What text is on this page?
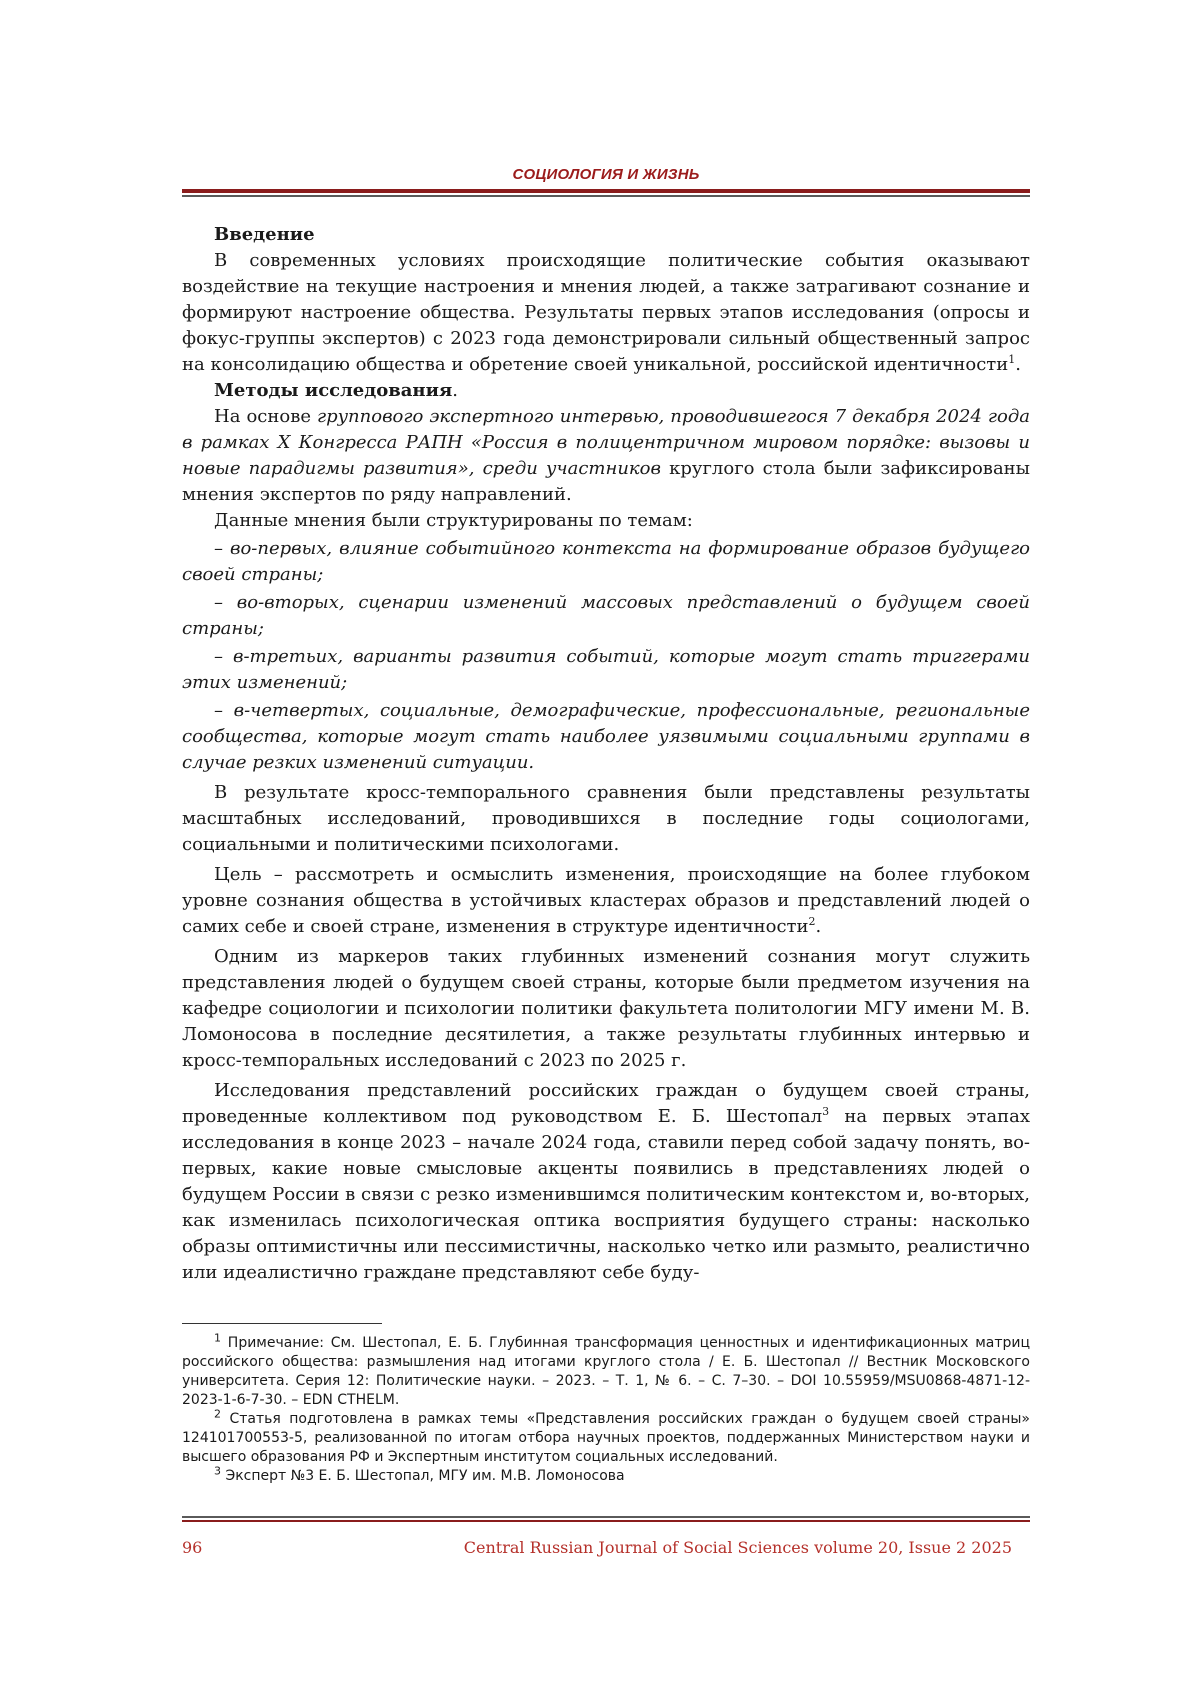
СОЦИОЛОГИЯ И ЖИЗНЬ

Введение

В современных условиях происходящие политические события оказывают воздействие на текущие настроения и мнения людей, а также затрагивают сознание и формируют настроение общества. Результаты первых этапов исследования (опросы и фокус-группы экспертов) с 2023 года демонстрировали сильный общественный запрос на консолидацию общества и обретение своей уникальной, российской идентичности$^1$.

Методы исследования.

На основе группового экспертного интервью, проводившегося 7 декабря 2024 года в рамках X Конгресса РАПН «Россия в полицентричном мировом порядке: вызовы и новые парадигмы развития», среди участников круглого стола были зафиксированы мнения экспертов по ряду направлений.

Данные мнения были структурированы по темам:

– во-первых, влияние событийного контекста на формирование образов будущего своей страны;

– во-вторых, сценарии изменений массовых представлений о будущем своей страны;

– в-третьих, варианты развития событий, которые могут стать триггерами этих изменений;

– в-четвертых, социальные, демографические, профессиональные, региональные сообщества, которые могут стать наиболее уязвимыми социальными группами в случае резких изменений ситуации.

В результате кросс-темпорального сравнения были представлены результаты масштабных исследований, проводившихся в последние годы социологами, социальными и политическими психологами.

Цель – рассмотреть и осмыслить изменения, происходящие на более глубоком уровне сознания общества в устойчивых кластерах образов и представлений людей о самих себе и своей стране, изменения в структуре идентичности$^2$.

Одним из маркеров таких глубинных изменений сознания могут служить представления людей о будущем своей страны, которые были предметом изучения на кафедре социологии и психологии политики факультета политологии МГУ имени М. В. Ломоносова в последние десятилетия, а также результаты глубинных интервью и кросс-темпоральных исследований с 2023 по 2025 г.

Исследования представлений российских граждан о будущем своей страны, проведенные коллективом под руководством Е. Б. Шестопал$^3$ на первых этапах исследования в конце 2023 – начале 2024 года, ставили перед собой задачу понять, во-первых, какие новые смысловые акценты появились в представлениях людей о будущем России в связи с резко изменившимся политическим контекстом и, во-вторых, как изменилась психологическая оптика восприятия будущего страны: насколько образы оптимистичны или пессимистичны, насколько четко или размыто, реалистично или идеалистично граждане представляют себе буду-

$^1$ Примечание: См. Шестопал, Е. Б. Глубинная трансформация ценностных и идентификационных матриц российского общества: размышления над итогами круглого стола / Е. Б. Шестопал // Вестник Московского университета. Серия 12: Политические науки. – 2023. – Т. 1, № 6. – С. 7–30. – DOI 10.55959/MSU0868-4871-12-2023-1-6-7-30. – EDN CTHELM.

$^2$ Статья подготовлена в рамках темы «Представления российских граждан о будущем своей страны» 124101700553-5, реализованной по итогам отбора научных проектов, поддержанных Министерством науки и высшего образования РФ и Экспертным институтом социальных исследований.

$^3$ Эксперт №3 Е. Б. Шестопал, МГУ им. М.В. Ломоносова

96	Central Russian Journal of Social Sciences volume 20, Issue 2 2025
